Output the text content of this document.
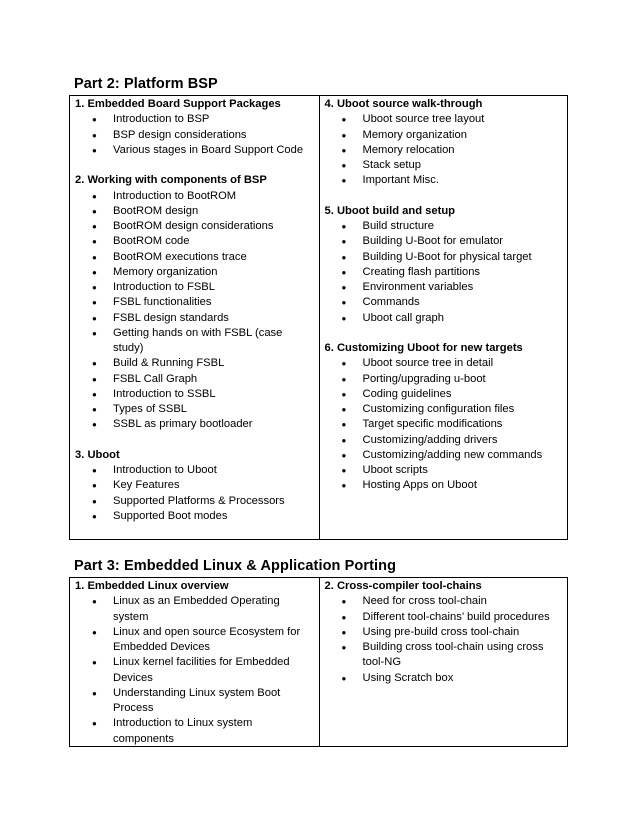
Part 2: Platform BSP
1. Embedded Board Support Packages
● Introduction to BSP
● BSP design considerations
● Various stages in Board Support Code
2. Working with components of BSP
● Introduction to BootROM
● BootROM design
● BootROM design considerations
● BootROM code
● BootROM executions trace
● Memory organization
● Introduction to FSBL
● FSBL functionalities
● FSBL design standards
● Getting hands on with FSBL (case study)
● Build & Running FSBL
● FSBL Call Graph
● Introduction to SSBL
● Types of SSBL
● SSBL as primary bootloader
3. Uboot
● Introduction to Uboot
● Key Features
● Supported Platforms & Processors
● Supported Boot modes
4. Uboot source walk-through
● Uboot source tree layout
● Memory organization
● Memory relocation
● Stack setup
● Important Misc.
5. Uboot build and setup
● Build structure
● Building U-Boot for emulator
● Building U-Boot for physical target
● Creating flash partitions
● Environment variables
● Commands
● Uboot call graph
6. Customizing Uboot for new targets
● Uboot source tree in detail
● Porting/upgrading u-boot
● Coding guidelines
● Customizing configuration files
● Target specific modifications
● Customizing/adding drivers
● Customizing/adding new commands
● Uboot scripts
● Hosting Apps on Uboot
Part 3: Embedded Linux & Application Porting
1. Embedded Linux overview
● Linux as an Embedded Operating system
● Linux and open source Ecosystem for Embedded Devices
● Linux kernel facilities for Embedded Devices
● Understanding Linux system Boot Process
● Introduction to Linux system components
2. Cross-compiler tool-chains
● Need for cross tool-chain
● Different tool-chains’ build procedures
● Using pre-build cross tool-chain
● Building cross tool-chain using cross tool-NG
● Using Scratch box
